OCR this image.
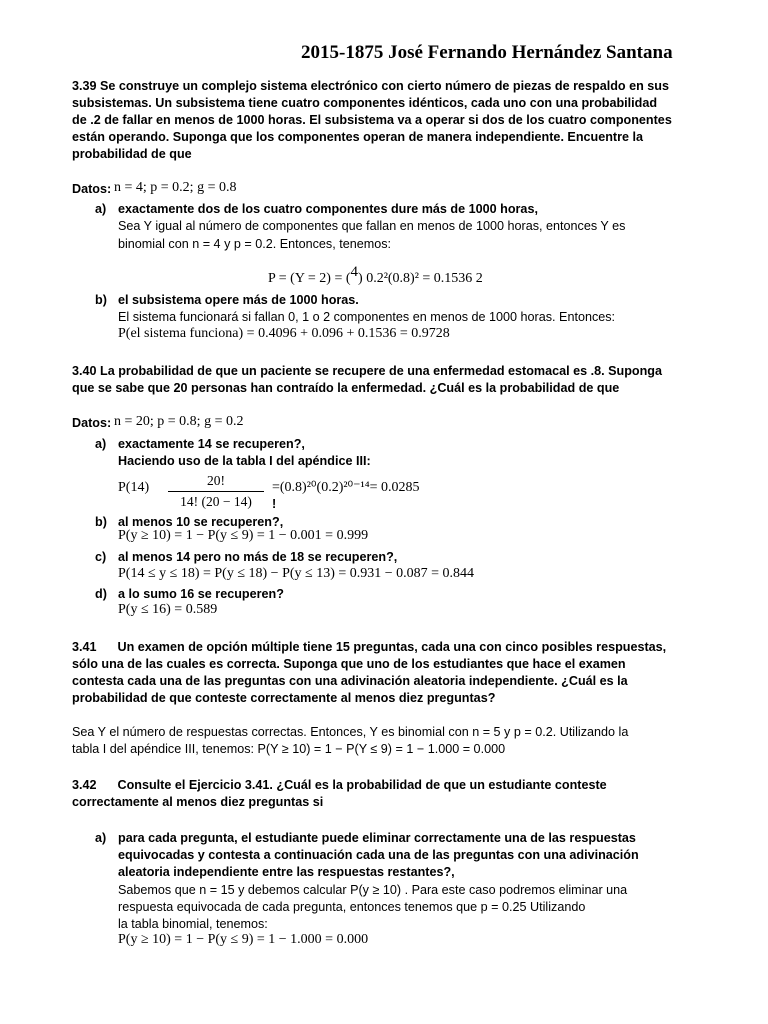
2015-1875 José Fernando Hernández Santana
3.39 Se construye un complejo sistema electrónico con cierto número de piezas de respaldo en sus
subsistemas. Un subsistema tiene cuatro componentes idénticos, cada uno con una probabilidad
de .2 de fallar en menos de 1000 horas. El subsistema va a operar si dos de los cuatro componentes
están operando. Suponga que los componentes operan de manera independiente. Encuentre la
probabilidad de que
Datos: n = 4; p = 0.2; g = 0.8
a) exactamente dos de los cuatro componentes dure más de 1000 horas,
Sea Y igual al número de componentes que fallan en menos de 1000 horas, entonces Y es
binomial con n = 4 y p = 0.2. Entonces, tenemos:
P = (Y = 2) = (4) 0.2²(0.8)² = 0.1536 2
b) el subsistema opere más de 1000 horas.
El sistema funcionará si fallan 0, 1 o 2 componentes en menos de 1000 horas. Entonces:
P(el sistema funciona) = 0.4096 + 0.096 + 0.1536 = 0.9728
3.40 La probabilidad de que un paciente se recupere de una enfermedad estomacal es .8. Suponga
que se sabe que 20 personas han contraído la enfermedad. ¿Cuál es la probabilidad de que
Datos: n = 20; p = 0.8; g = 0.2
a) exactamente 14 se recuperen?,
Haciendo uso de la tabla I del apéndice III:
P(14)	20!
14! (20 − 14)
=(0.8)²⁰(0.2)²⁰⁻¹⁴= 0.0285
!
b) al menos 10 se recuperen?,
P(y ≥ 10) = 1 − P(y ≤ 9) = 1 − 0.001 = 0.999
c) al menos 14 pero no más de 18 se recuperen?,
P(14 ≤ y ≤ 18) = P(y ≤ 18) − P(y ≤ 13) = 0.931 − 0.087 = 0.844
d) a lo sumo 16 se recuperen?
P(y ≤ 16) = 0.589
3.41      Un examen de opción múltiple tiene 15 preguntas, cada una con cinco posibles respuestas,
sólo una de las cuales es correcta. Suponga que uno de los estudiantes que hace el examen
contesta cada una de las preguntas con una adivinación aleatoria independiente. ¿Cuál es la
probabilidad de que conteste correctamente al menos diez preguntas?
Sea Y el número de respuestas correctas. Entonces, Y es binomial con n = 5 y p = 0.2. Utilizando la
tabla I del apéndice III, tenemos: P(Y ≥ 10) = 1 − P(Y ≤ 9) = 1 − 1.000 = 0.000
3.42      Consulte el Ejercicio 3.41. ¿Cuál es la probabilidad de que un estudiante conteste
correctamente al menos diez preguntas si
a) para cada pregunta, el estudiante puede eliminar correctamente una de las respuestas
equivocadas y contesta a continuación cada una de las preguntas con una adivinación
aleatoria independiente entre las respuestas restantes?,
Sabemos que n = 15 y debemos calcular P(y ≥ 10) . Para este caso podremos eliminar una
respuesta equivocada de cada pregunta, entonces tenemos que p = 0.25 Utilizando
la tabla binomial, tenemos:
P(y ≥ 10) = 1 − P(y ≤ 9) = 1 − 1.000 = 0.000
